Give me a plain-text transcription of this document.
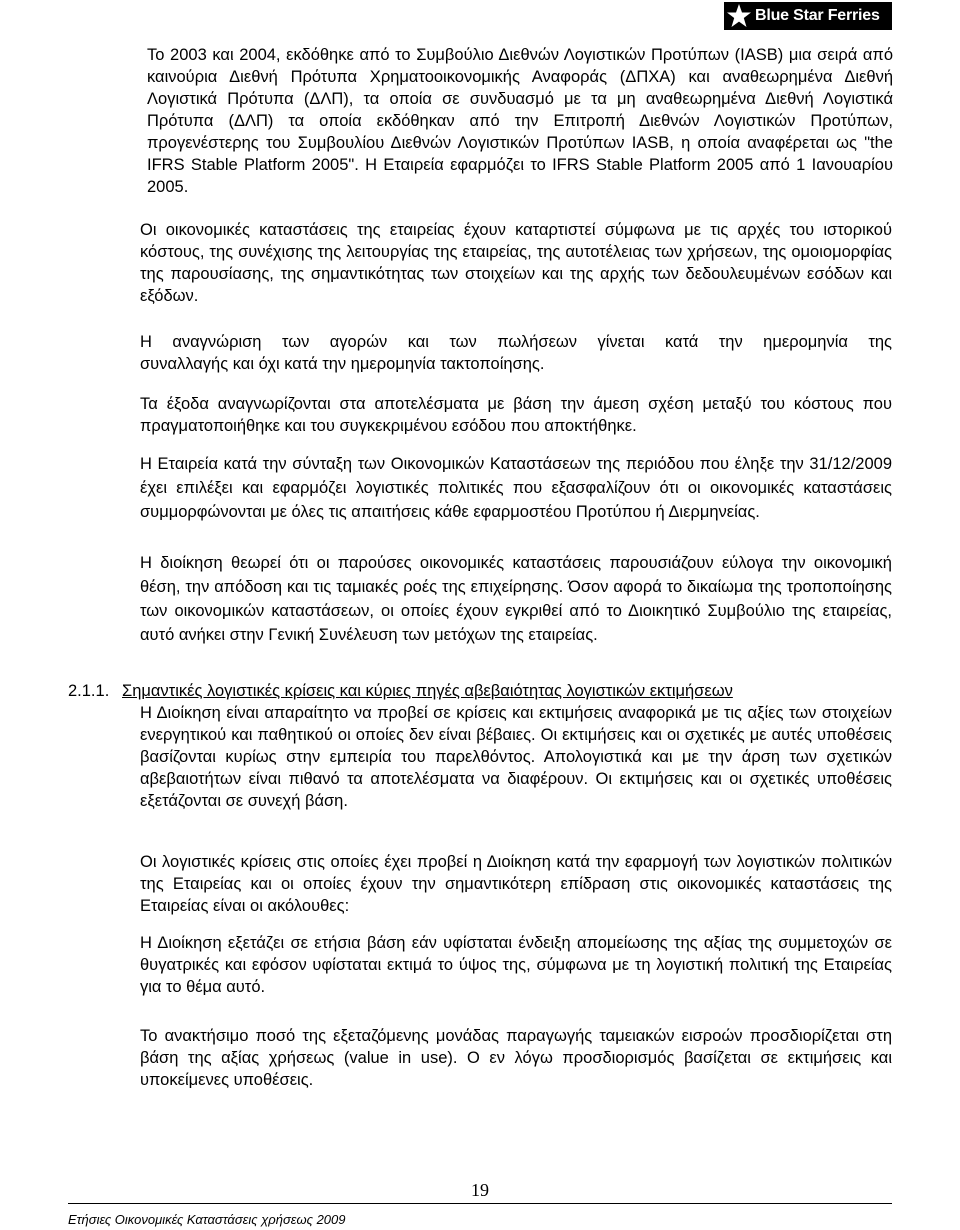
Blue Star Ferries

Το 2003 και 2004, εκδόθηκε από το Συμβούλιο Διεθνών Λογιστικών Προτύπων (IASB) μια σειρά από καινούρια Διεθνή Πρότυπα Χρηματοοικονομικής Αναφοράς (ΔΠΧΑ) και αναθεωρημένα Διεθνή Λογιστικά Πρότυπα (ΔΛΠ), τα οποία σε συνδυασμό με τα μη αναθεωρημένα Διεθνή Λογιστικά Πρότυπα (ΔΛΠ) τα οποία εκδόθηκαν από την Επιτροπή Διεθνών Λογιστικών Προτύπων, προγενέστερης του Συμβουλίου Διεθνών Λογιστικών Προτύπων IASB, η οποία αναφέρεται ως "the IFRS Stable Platform 2005". Η Εταιρεία εφαρμόζει το IFRS Stable Platform 2005 από 1 Ιανουαρίου 2005.

Οι οικονομικές καταστάσεις της εταιρείας έχουν καταρτιστεί σύμφωνα με τις αρχές του ιστορικού κόστους, της συνέχισης της λειτουργίας της εταιρείας, της αυτοτέλειας των χρήσεων, της ομοιομορφίας της παρουσίασης, της σημαντικότητας των στοιχείων και της αρχής των δεδουλευμένων εσόδων και εξόδων.

Η αναγνώριση των αγορών και των πωλήσεων γίνεται κατά την ημερομηνία της

συναλλαγής και όχι κατά την ημερομηνία τακτοποίησης.

Τα έξοδα αναγνωρίζονται στα αποτελέσματα με βάση την άμεση σχέση μεταξύ του κόστους που πραγματοποιήθηκε και του συγκεκριμένου εσόδου που αποκτήθηκε.

Η Εταιρεία κατά την σύνταξη των Οικονομικών Καταστάσεων της περιόδου που έληξε την 31/12/2009 έχει επιλέξει και εφαρμόζει λογιστικές πολιτικές που εξασφαλίζουν ότι οι οικονομικές καταστάσεις συμμορφώνονται με όλες τις απαιτήσεις κάθε εφαρμοστέου Προτύπου ή Διερμηνείας.

Η διοίκηση θεωρεί ότι οι παρούσες οικονομικές καταστάσεις παρουσιάζουν εύλογα την οικονομική θέση, την απόδοση και τις ταμιακές ροές της επιχείρησης. Όσον αφορά το δικαίωμα της τροποποίησης των οικονομικών καταστάσεων, οι οποίες έχουν εγκριθεί από το Διοικητικό Συμβούλιο της εταιρείας, αυτό ανήκει στην Γενική Συνέλευση των μετόχων της εταιρείας.

2.1.1. Σημαντικές λογιστικές κρίσεις και κύριες πηγές αβεβαιότητας λογιστικών εκτιμήσεων

Η Διοίκηση είναι απαραίτητο να προβεί σε κρίσεις και εκτιμήσεις αναφορικά με τις αξίες των στοιχείων ενεργητικού και παθητικού οι οποίες δεν είναι βέβαιες. Οι εκτιμήσεις και οι σχετικές με αυτές υποθέσεις βασίζονται κυρίως στην εμπειρία του παρελθόντος. Απολογιστικά και με την άρση των σχετικών αβεβαιοτήτων είναι πιθανό τα αποτελέσματα να διαφέρουν. Οι εκτιμήσεις και οι σχετικές υποθέσεις εξετάζονται σε συνεχή βάση.

Οι λογιστικές κρίσεις στις οποίες έχει προβεί η Διοίκηση κατά την εφαρμογή των λογιστικών πολιτικών της Εταιρείας και οι οποίες έχουν την σημαντικότερη επίδραση στις οικονομικές καταστάσεις της Εταιρείας είναι οι ακόλουθες:

Η Διοίκηση εξετάζει σε ετήσια βάση εάν υφίσταται ένδειξη απομείωσης της αξίας της συμμετοχών σε θυγατρικές και εφόσον υφίσταται εκτιμά το ύψος της, σύμφωνα με τη λογιστική πολιτική της Εταιρείας για το θέμα αυτό.

Το ανακτήσιμο ποσό της εξεταζόμενης μονάδας παραγωγής ταμειακών εισροών προσδιορίζεται στη βάση της αξίας χρήσεως (value in use). Ο εν λόγω προσδιορισμός βασίζεται σε εκτιμήσεις και υποκείμενες υποθέσεις.

19
Ετήσιες Οικονομικές Καταστάσεις χρήσεως 2009
